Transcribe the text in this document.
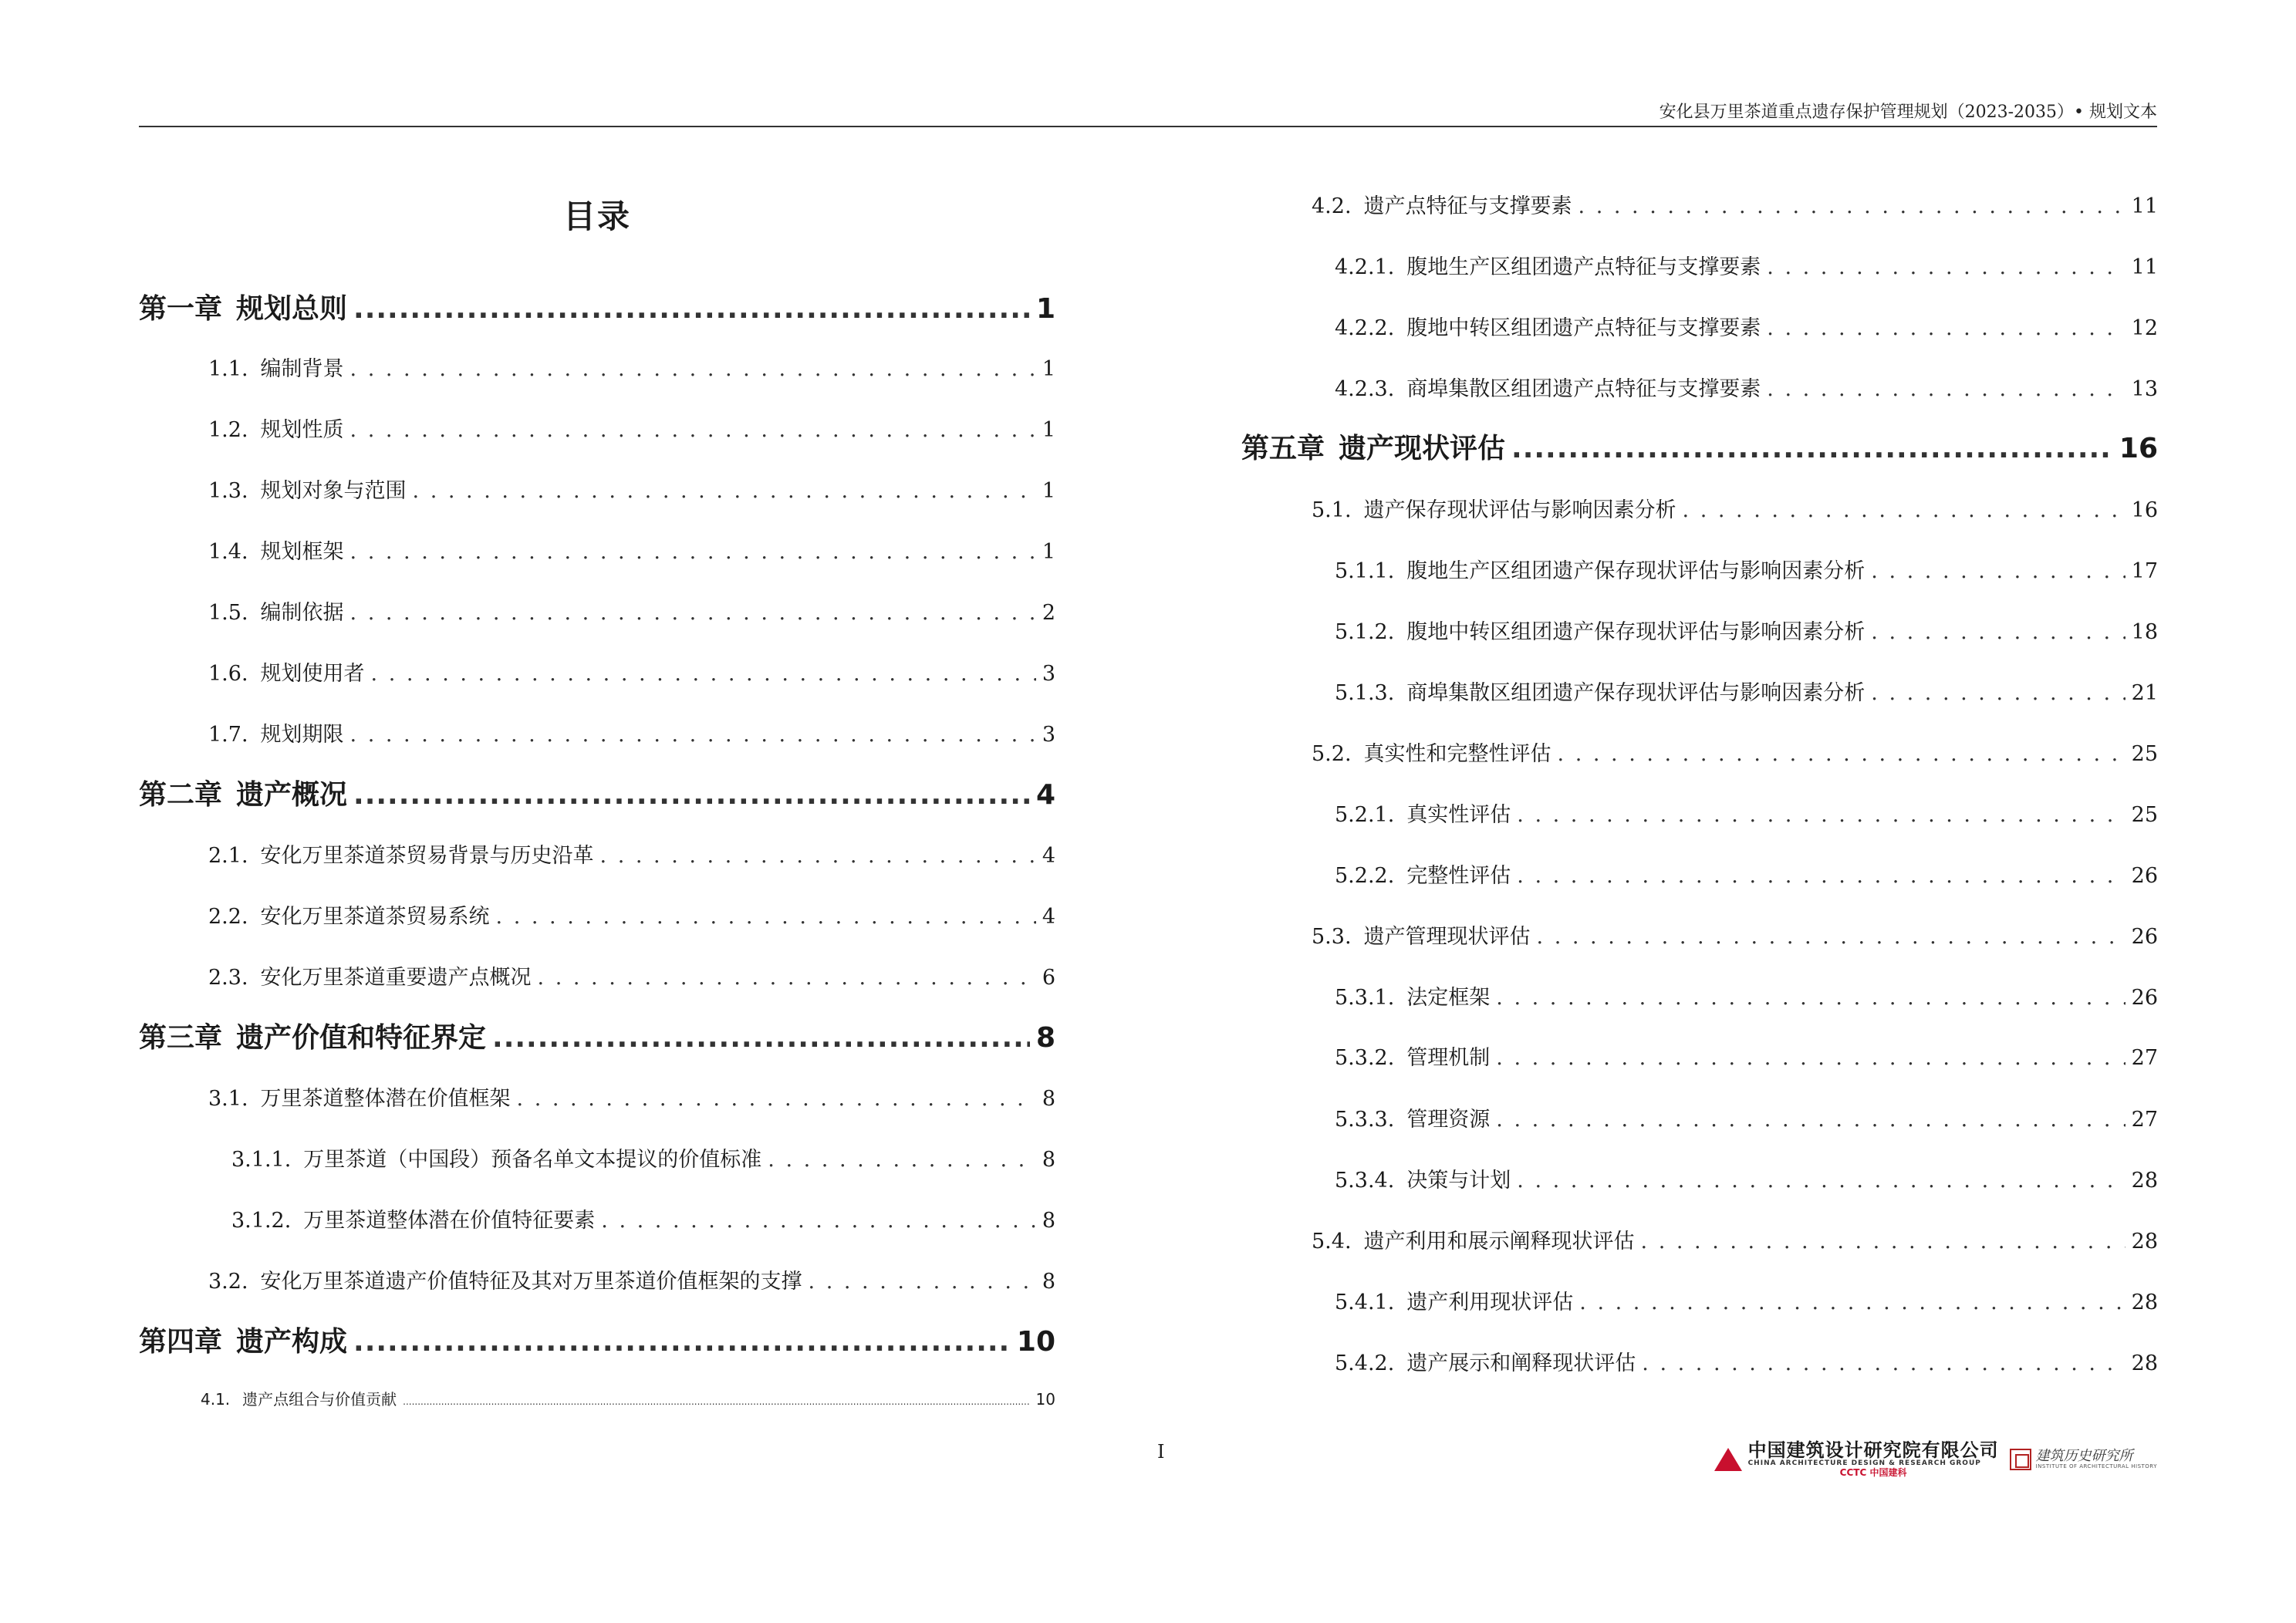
安化县万里茶道重点遗存保护管理规划（2023-2035）• 规划文本
目录
第一章 规划总则 .....	1
1.1. 编制背景 . . .	1
1.2. 规划性质 . . .	1
1.3. 规划对象与范围 . . .	1
1.4. 规划框架 . . .	1
1.5. 编制依据 . . .	2
1.6. 规划使用者 . . .	3
1.7. 规划期限 . . .	3
第二章 遗产概况 .....	4
2.1. 安化万里茶道茶贸易背景与历史沿革 . . .	4
2.2. 安化万里茶道茶贸易系统 . . .	4
2.3. 安化万里茶道重要遗产点概况 . . .	6
第三章 遗产价值和特征界定 .....	8
3.1. 万里茶道整体潜在价值框架 . . .	8
3.1.1. 万里茶道（中国段）预备名单文本提议的价值标准 . . .	8
3.1.2. 万里茶道整体潜在价值特征要素 . . .	8
3.2. 安化万里茶道遗产价值特征及其对万里茶道价值框架的支撑 . . .	8
第四章 遗产构成 .....	10
4.1. 遗产点组合与价值贡献 .....	10
4.2. 遗产点特征与支撑要素 . . .	11
4.2.1. 腹地生产区组团遗产点特征与支撑要素 . . .	11
4.2.2. 腹地中转区组团遗产点特征与支撑要素 . . .	12
4.2.3. 商埠集散区组团遗产点特征与支撑要素 . . .	13
第五章 遗产现状评估 .....	16
5.1. 遗产保存现状评估与影响因素分析 . . .	16
5.1.1. 腹地生产区组团遗产保存现状评估与影响因素分析 . . .	17
5.1.2. 腹地中转区组团遗产保存现状评估与影响因素分析 . . .	18
5.1.3. 商埠集散区组团遗产保存现状评估与影响因素分析 . . .	21
5.2. 真实性和完整性评估 . . .	25
5.2.1. 真实性评估 . . .	25
5.2.2. 完整性评估 . . .	26
5.3. 遗产管理现状评估 . . .	26
5.3.1. 法定框架 . . .	26
5.3.2. 管理机制 . . .	27
5.3.3. 管理资源 . . .	27
5.3.4. 决策与计划 . . .	28
5.4. 遗产利用和展示阐释现状评估 . . .	28
5.4.1. 遗产利用现状评估 . . .	28
5.4.2. 遗产展示和阐释现状评估 . . .	28
I	中国建筑设计研究院有限公司
CHINA ARCHITECTURE DESIGN & RESEARCH GROUP
CCTC 中国建科
建筑历史研究所
INSTITUTE OF ARCHITECTURAL HISTORY
